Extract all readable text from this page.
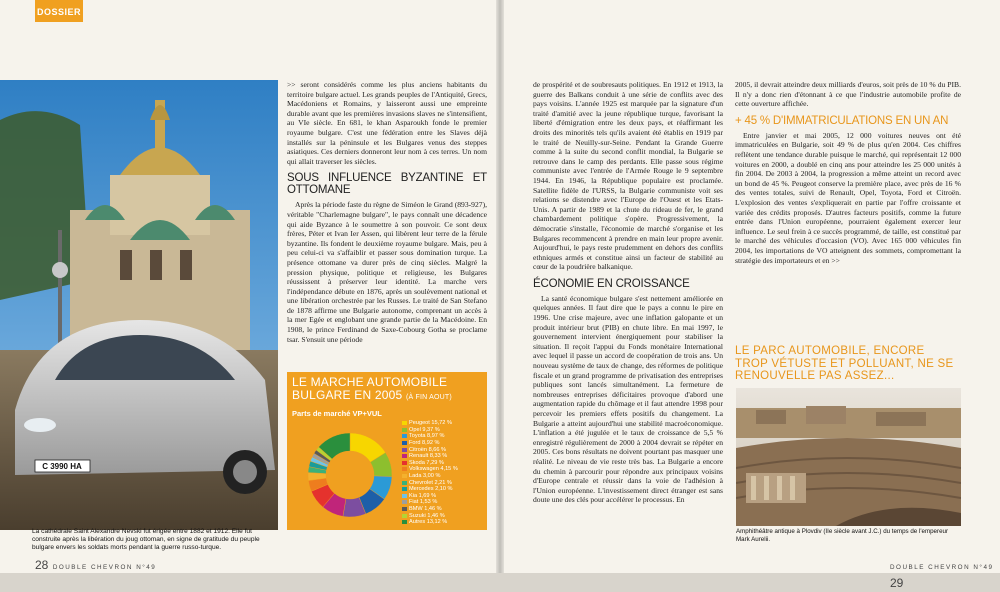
DOSSIER
C 3990 HA
La cathédrale Saint Alexandre Nevski fut érigée entre 1882 et 1912. Elle fut construite après la libération du joug ottoman, en signe de gratitude du peuple bulgare envers les soldats morts pendant la guerre russo-turque.

>> seront considérés comme les plus anciens habitants du territoire bulgare actuel. Les grands peuples de l'Antiquité, Grecs, Macédoniens et Romains, y laisseront aussi une empreinte durable avant que les premières invasions slaves ne s'intensifient, au VIe siècle. En 681, le khan Asparoukh fonde le premier royaume bulgare. C'est une fédération entre les Slaves déjà installés sur la péninsule et les Bulgares venus des steppes asiatiques. Ces derniers donneront leur nom à ces terres. Un nom qui allait traverser les siècles.

SOUS INFLUENCE BYZANTINE ET OTTOMANE

Après la période faste du règne de Siméon le Grand (893-927), véritable "Charlemagne bulgare", le pays connaît une décadence qui aide Byzance à le soumettre à son pouvoir. Ce sont deux frères, Péter et Ivan Ier Assen, qui libèrent leur terre de la férule byzantine. Ils fondent le deuxième royaume bulgare. Mais, peu à peu celui-ci va s'affaiblir et passer sous domination turque. La présence ottomane va durer près de cinq siècles. Malgré la pression physique, politique et religieuse, les Bulgares réussissent à préserver leur identité. La marche vers l'indépendance débute en 1876, après un soulèvement national et une libération orchestrée par les Russes. Le traité de San Stefano de 1878 affirme une Bulgarie autonome, comprenant un accès à la mer Egée et englobant une grande partie de la Macédoine. En 1908, le prince Ferdinand de Saxe-Cobourg Gotha se proclame tsar. S'ensuit une période

LE MARCHE AUTOMOBILE BULGARE EN 2005 (À FIN AOUT)
Parts de marché VP+VUL
Peugeot 15,72 %
Opel 9,37 %
Toyota 8,97 %
Ford 8,92 %
Citroën 8,66 %
Renault 8,33 %
Skoda 7,29 %
Volkswagen 4,15 %
Lada 3,00 %
Chevrolet 2,21 %
Mercedes 2,10 %
Kia 1,69 %
Fiat 1,53 %
BMW 1,46 %
Suzuki 1,46 %
Autres 13,12 %
28 DOUBLE CHEVRON N°49

de prospérité et de soubresauts politiques. En 1912 et 1913, la guerre des Balkans conduit à une série de conflits avec des pays voisins. L'année 1925 est marquée par la signature d'un traité d'amitié avec la jeune république turque, favorisant la liberté d'émigration entre les deux pays, et réaffirmant les droits des minorités tels qu'ils avaient été établis en 1919 par le traité de Neuilly-sur-Seine. Pendant la Grande Guerre comme à la suite du second conflit mondial, la Bulgarie se retrouve dans le camp des perdants. Elle passe sous régime communiste avec l'entrée de l'Armée Rouge le 9 septembre 1944. En 1946, la République populaire est proclamée. Satellite fidèle de l'URSS, la Bulgarie communiste voit ses relations se distendre avec l'Europe de l'Ouest et les Etats-Unis. A partir de 1989 et la chute du rideau de fer, le grand chambardement politique s'opère. Progressivement, la démocratie s'installe, l'économie de marché s'organise et les Bulgares recommencent à prendre en main leur propre avenir. Aujourd'hui, le pays reste prudemment en dehors des conflits ethniques armés et constitue ainsi un facteur de stabilité au cœur de la poudrière balkanique.

ÉCONOMIE EN CROISSANCE

La santé économique bulgare s'est nettement améliorée en quelques années. Il faut dire que le pays a connu le pire en 1996. Une crise majeure, avec une inflation galopante et un produit intérieur brut (PIB) en chute libre. En mai 1997, le gouvernement intervient énergiquement pour stabiliser la situation. Il reçoit l'appui du Fonds monétaire International avec lequel il passe un accord de coopération de trois ans. Un nouveau système de taux de change, des réformes de politique fiscale et un grand programme de privatisation des entreprises publiques sont lancés simultanément. La fermeture de nombreuses entreprises déficitaires provoque d'abord une augmentation rapide du chômage et il faut attendre 1998 pour percevoir les premiers effets positifs du changement. La Bulgarie a atteint aujourd'hui une stabilité macroéconomique. L'inflation a été jugulée et le taux de croissance de 5,5 % enregistré régulièrement de 2000 à 2004 devrait se répéter en 2005. Ces bons résultats ne doivent pourtant pas masquer une réalité. Le niveau de vie reste très bas. La Bulgarie a encore du chemin à parcourir pour répondre aux principaux voisins d'Europe centrale et réussir dans la voie de l'adhésion à l'Union européenne. L'investissement direct étranger est sans doute une des clés pour accélérer le processus. En

2005, il devrait atteindre deux milliards d'euros, soit près de 10 % du PIB. Il n'y a donc rien d'étonnant à ce que l'industrie automobile profite de cette ouverture affichée.

+ 45 % D'IMMATRICULATIONS EN UN AN

Entre janvier et mai 2005, 12 000 voitures neuves ont été immatriculées en Bulgarie, soit 49 % de plus qu'en 2004. Ces chiffres reflètent une tendance durable puisque le marché, qui représentait 12 000 voitures en 2000, a doublé en cinq ans pour atteindre les 25 000 unités à fin 2004. De 2003 à 2004, la progression a même atteint un record avec un bond de 45 %. Peugeot conserve la première place, avec près de 16 % des ventes totales, suivi de Renault, Opel, Toyota, Ford et Citroën. L'explosion des ventes s'expliquerait en partie par l'offre croissante et variée des crédits proposés. D'autres facteurs positifs, comme la future entrée dans l'Union européenne, pourraient également exercer leur influence. Le seul frein à ce succès programmé, de taille, est constitué par le marché des véhicules d'occasion (VO). Avec 165 000 véhicules fin 2004, les importations de VO atteignent des sommets, compromettant la stratégie des importateurs et en >>

LE PARC AUTOMOBILE, ENCORE TROP VÉTUSTE ET POLLUANT, NE SE RENOUVELLE PAS ASSEZ...
Amphithéâtre antique à Plovdiv (IIe siècle avant J.C.) du temps de l'empereur Mark Aurelii.
DOUBLE CHEVRON N°49 29
